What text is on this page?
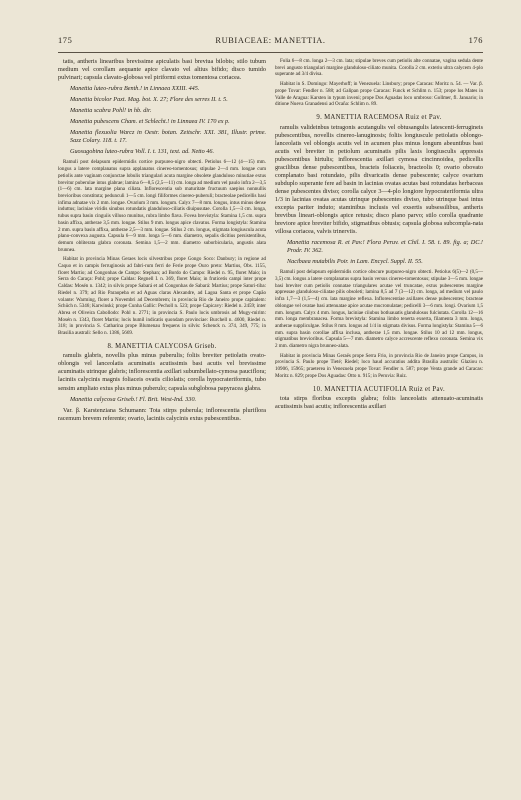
175	RUBIACEAE: MANETTIA.	176
tatis, antheris linearibus brevissime apiculatis basi breviua bilobis; stilo tubum medium vel corollam aequante apice clavato vel altius bifido; disco tumido pulvinari; capsula clavato-globosa vel piriformi extus tomentosa coriacea.
Manettia luteo-rubra Benth.! in Linnaea XXIII. 445.
Manettia bicolor Paxt. Mag. bot. X. 27; Flore des serres II. t. 5.
Manettia scabra Pohl! in hb. dir.
Manettia pubescens Cham. et Schlecht.! in Linnaea IV. 170 ex p.
Manettia flexuolia Warcz in Oestr. botan. Zeitschr. XXI. 381, Illustr. prime. Sazz Colary. 118. t. 17.
Guosugobina luteo-rubra Voll. I. t. 131, text. ad. Netto 46.
Ramuli post delapsum epidermidis cortice purpureo-nigro obtecti. Petiolus 6—12 (4—15) mm. longus a latere complanatus supra applanatus cinereo-tomentosus; stipulae 2—4 mm. longae cum petiolis ante vaginam conjunctae lobulis triangulari acuta margine obsolete glanduloso minutiae extus brevitur puberulae intus glabrae; lamina 6—8,5 (2,5—11) cm. longa ad medium vel paulo infra 2—3,5 (1—6) cm. lata margine plana ciliata. Inflorescentia sub maturitate fructuum saepius nonnullis brevioribus constituta; pedunculi 1—5 cm. longi filiformes cinereo-puberuli; bracteolae pedicellis basi infima adnatae vix 2 mm. longae. Ovarium 3 mm. longum. Calyx 7—8 mm. longus, intus minus dense induttus; laciniae viridis sinubus rotundatis glanduloso-ciliatis diuipusutae. Corolla 1,5—3 cm. longa, tubus supra basin cinguiis villuso munitus, rubra limbo flava. Fovea brevistyla: Stamina 1,5 cm. supra basin affixa, antherae 3,5 mm. longae. Stilus 9 mm. longus apice clavatus. Forma longistyla: Stamina 2 mm. supra basin affixa, antherae 2,5—3 mm. longae. Stilus 2 cm. longus, stigmata longiuscula acuta plano-convexa augusta. Capsula 6—9 mm. longa 5—6 mm. diametro, sepalis dicitius persistentibus, demum obliterata glabra coronata. Semina 1,5—2 mm. diametro suborbicularia, angustis alata brunnea.
Habitat in provincia Minas Geraes locis silvestribus prope Gongo Soco: Danbury; in regione ad Caquo et in campis ferruginosis ad fabri-rum ferri de Ferie prope Ouro preto: Martius, Obs. 1155, floret Martio; ad Congonhas de Campo: Stephan; ad Bordo do Campo: Riedel n. 95, floret Maio; in Serra do Caraça: Pohl; prope Caldas: Regnell I. n. 369, floret Maio; in fruticetis campi inter prope Caldas: Mosén n. 1342; in silvis prope Sabará et ad Congonhas de Sabará: Martius; prope Saturi-tiba: Riedel n. 379; ad Rio Paraopeba et ad Aguas claras Alexandre, ad Lagoa Santa et prope Capão volante: Warming, floret a Novembri ad Decembrem; in provincia Rio de Janeiro prope capitalem: Schüch n. 5346; Karwinski; prope Cunha Gallic: Pecholl n. 523; prope Capicavy: Riedel n. 2459; inter Abrea et Oliveira Cabollodo: Pohl n. 2771; in provincia S. Paulo locis umbrosis ad Mugy-mirim: Mosén n. 1343, floret Martio; locis humil indicatis quondam provinciae: Burchell n. 4600, Riedel n. 318; in provincia S. Catharina prope Blumenau frequens in silvis: Schenck n. 374, 349, 775; in Brasilia australi: Sello n. 1386, 5669.
8. MANETTIA CALYCOSA Griseb.
ramulis glabris, novellis plus minus puberulis; foliis breviter petiolatis ovato-oblongis vel lanceolatis acuminatis acutissimis basi acutis vel brevissime acuminatis utrinque glabris; inflorescentia axillari subumbellato-cymosa pauciflora; laciniis calycinis magnis foliaceis ovatis ciliolatis; corolla hypocrateriformis, tubo sensim ampliato extus plus minus puberulo; capsula subglobosa papyracea glabra.
Manettia calycosa Griseb.! Fl. Brit. West-Ind. 330.
Var. β. Karstenziana Schumann: Tota stirps puberula; inflorescentia pluriflora racemum brevem referente; ovario, laciniis calycinis extus pubescentibus.
Folia 6—8 cm. longa 2—3 cm. lata; stipulae breves cum petiolis alte connatae, vagina sedula dente brevi angusto triangulari margine glanduloso-ciliato munita. Corolla 2 cm. exteriu ultra calycem 4-plo superante ad 3/4 divisa.
Habitat in S. Domingo: Mayerhoff; in Venezuela: Linsbury; prope Caracas: Moritz n. 54. — Var. β. prope Tovar: Fendler n. 588; ad Galipan prope Caracas: Funck et Schlim n. 153; prope los Mates in Valle de Aragua: Karsten in typum inveni; prope Dos Aguadas loco umbroso: Gollmer, fl. Januario; in ditione Nueva Granadensi ad Ocaña: Schlim n. 89.
9. MANETTIA RACEMOSA Ruiz et Pav.
ramulis valideinbus tetragonis acutangulis vel obtusangulis latescenti-ferrugineis pubescentibus, novellis cinereo-lanuginosis; foliis longiuscule petiolatis oblongo-lanceolatis vel oblongis acutis vel in acumen plus minus longum abeuntibus basi acutis vel breviter in petiolum acuminatis pilis laxis longiusculis appressis pubescentibus hirtulis; inflorescentia axillari cymosa cincinnoidea, pedicellis gracilibus dense pubescentibus, bracteis foliaceis, bracteolis 0; ovario obovato complanato basi rotundato, pilis divaricatis dense pubescente; calyce ovarium subduplo superante fere ad basin in lacinias ovatas acutas basi rotundatas herbaceas dense pubescentes diviso; corolla calyce 3—4-plo longiore hypocrateriformia ultra 1/3 in lacinias ovatas acutas utrinque pubescentes diviso, tubo utrinque basi intus excepta pariter induto; staminibus inclusis vel exsertis subsessilibus, antheris brevibus lineari-oblongis apice retusis; disco plano parvo; stilo corolla quadrante breviore apice breviter bifido, stigmatibus obtusis; capsula globosa subcompla-nata villosa coriacea, valvis trinerviis.
Manettia racemosa R. et Pav.! Flora Peruv. et Chil. I. 58. t. 89. fig. a; DC.! Prodr. IV. 362.
Nacibaea mutabilis Poir. in Lam. Encycl. Suppl. II. 55.
Ramuli post delapsum epidermidis cortice obscure purpureo-nigro obtecti. Petiolus 6(5)—2 (0,5—3,5) cm. longus a latere complanatus supra basin versus cinereo-tomentosus; stipulae 3—5 mm. longae basi breviter cum petiolis connatae triangulares acutae vel truncatae, extus pubescentes margine appressae glanduloso-ciliatae pilis obsoleti; lamina 8,5 ad 7 (3—12) cm. longa, ad medium vel paulo infra 1,7—3 (1,5—4) cm. lata margine reflexa. Inflorescentiae axillares dense pubescentes; bracteae oblongae vel ovatae basi attenuatae apice acutae mucronulatae; pedicelli 3—6 mm. longi. Ovarium 1,5 mm. longum. Calyx 4 mm. longus, laciniae ciiubus botluauatis glandulosus fulciutata. Corolla 12—16 mm. longa membranacea. Forma brevistyla: Stamina limbo tenerta exserta, filamenta 3 mm. longa, antherae suppliculgae. Stilus 8 mm. longus ad 1/4 in stigmata divisus. Forma longistyla: Stamina 5—6 mm. supra basin corollae affixa inclusa, antherae 1,5 mm. longae. Stilus 10 ad 12 mm. longus, stigmatibus brevioribus. Capsula 5—7 mm. diametro calyce accrescente reflexo coronata. Semina vix 2 mm. diametro nigra brunneo-alata.
Habitat in provincia Minas Geraës prope Serra Frio, in provincia Rio de Janeiro prope Campos, in provincia S. Paulo prope Tieté; Riedel; loco haud accuratius addita Brasilia australis: Glaziou n. 10906, 15965; praeterea in Venezuela prope Tovar: Fendler n. 587; prope Venta grande ad Caracas: Moritz n. 829; prope Dos Aguadas: Otto n. 915; in Peruvia: Ruiz.
10. MANETTIA ACUTIFOLIA Ruiz et Pav.
tota stirps floribus exceptis glabra; foliis lanceolatis attenuato-acuminatis acutissimis basi acutis; inflorescentia axillari
